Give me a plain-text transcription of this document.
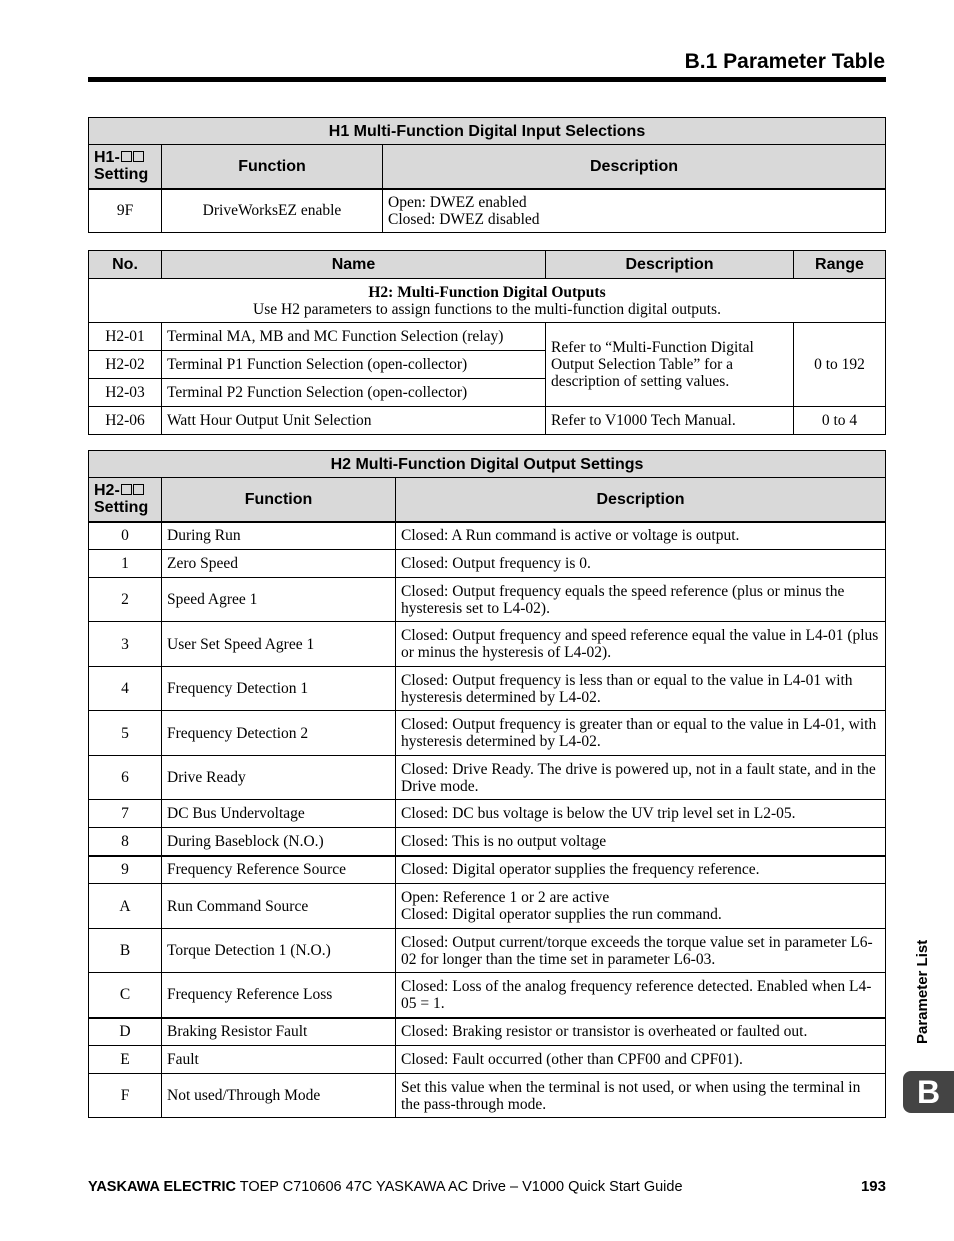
B.1 Parameter Table
H1 Multi-Function Digital Input Selections		
H1-
Setting	Function	Description
9F	DriveWorksEZ enable	Open: DWEZ enabled
Closed: DWEZ disabled
No.	Name	Description	Range
H2: Multi-Function Digital Outputs
Use H2 parameters to assign functions to the multi-function digital outputs.			
H2-01	Terminal MA, MB and MC Function Selection (relay)	Refer to “Multi-Function Digital Output Selection Table” for a description of setting values.	0 to 192
H2-02	Terminal P1 Function Selection (open-collector)		
H2-03	Terminal P2 Function Selection (open-collector)		
H2-06	Watt Hour Output Unit Selection	Refer to V1000 Tech Manual.	0 to 4
H2 Multi-Function Digital Output Settings		
H2-
Setting	Function	Description
0	During Run	Closed: A Run command is active or voltage is output.
1	Zero Speed	Closed: Output frequency is 0.
2	Speed Agree 1	Closed: Output frequency equals the speed reference (plus or minus the hysteresis set to L4-02).
3	User Set Speed Agree 1	Closed: Output frequency and speed reference equal the value in L4-01 (plus or minus the hysteresis of L4-02).
4	Frequency Detection 1	Closed: Output frequency is less than or equal to the value in L4-01 with hysteresis determined by L4-02.
5	Frequency Detection 2	Closed: Output frequency is greater than or equal to the value in L4-01, with hysteresis determined by L4-02.
6	Drive Ready	Closed: Drive Ready. The drive is powered up, not in a fault state, and in the Drive mode.
7	DC Bus Undervoltage	Closed: DC bus voltage is below the UV trip level set in L2-05.
8	During Baseblock (N.O.)	Closed: This is no output voltage
9	Frequency Reference Source	Closed: Digital operator supplies the frequency reference.
A	Run Command Source	Open: Reference 1 or 2 are active
Closed: Digital operator supplies the run command.
B	Torque Detection 1 (N.O.)	Closed: Output current/torque exceeds the torque value set in parameter L6-02 for longer than the time set in parameter L6-03.
C	Frequency Reference Loss	Closed: Loss of the analog frequency reference detected. Enabled when L4-05 = 1.
D	Braking Resistor Fault	Closed: Braking resistor or transistor is overheated or faulted out.
E	Fault	Closed: Fault occurred (other than CPF00 and CPF01).
F	Not used/Through Mode	Set this value when the terminal is not used, or when using the terminal in the pass-through mode.
Parameter List
B
YASKAWA ELECTRIC TOEP C710606 47C YASKAWA AC Drive – V1000 Quick Start Guide	193
